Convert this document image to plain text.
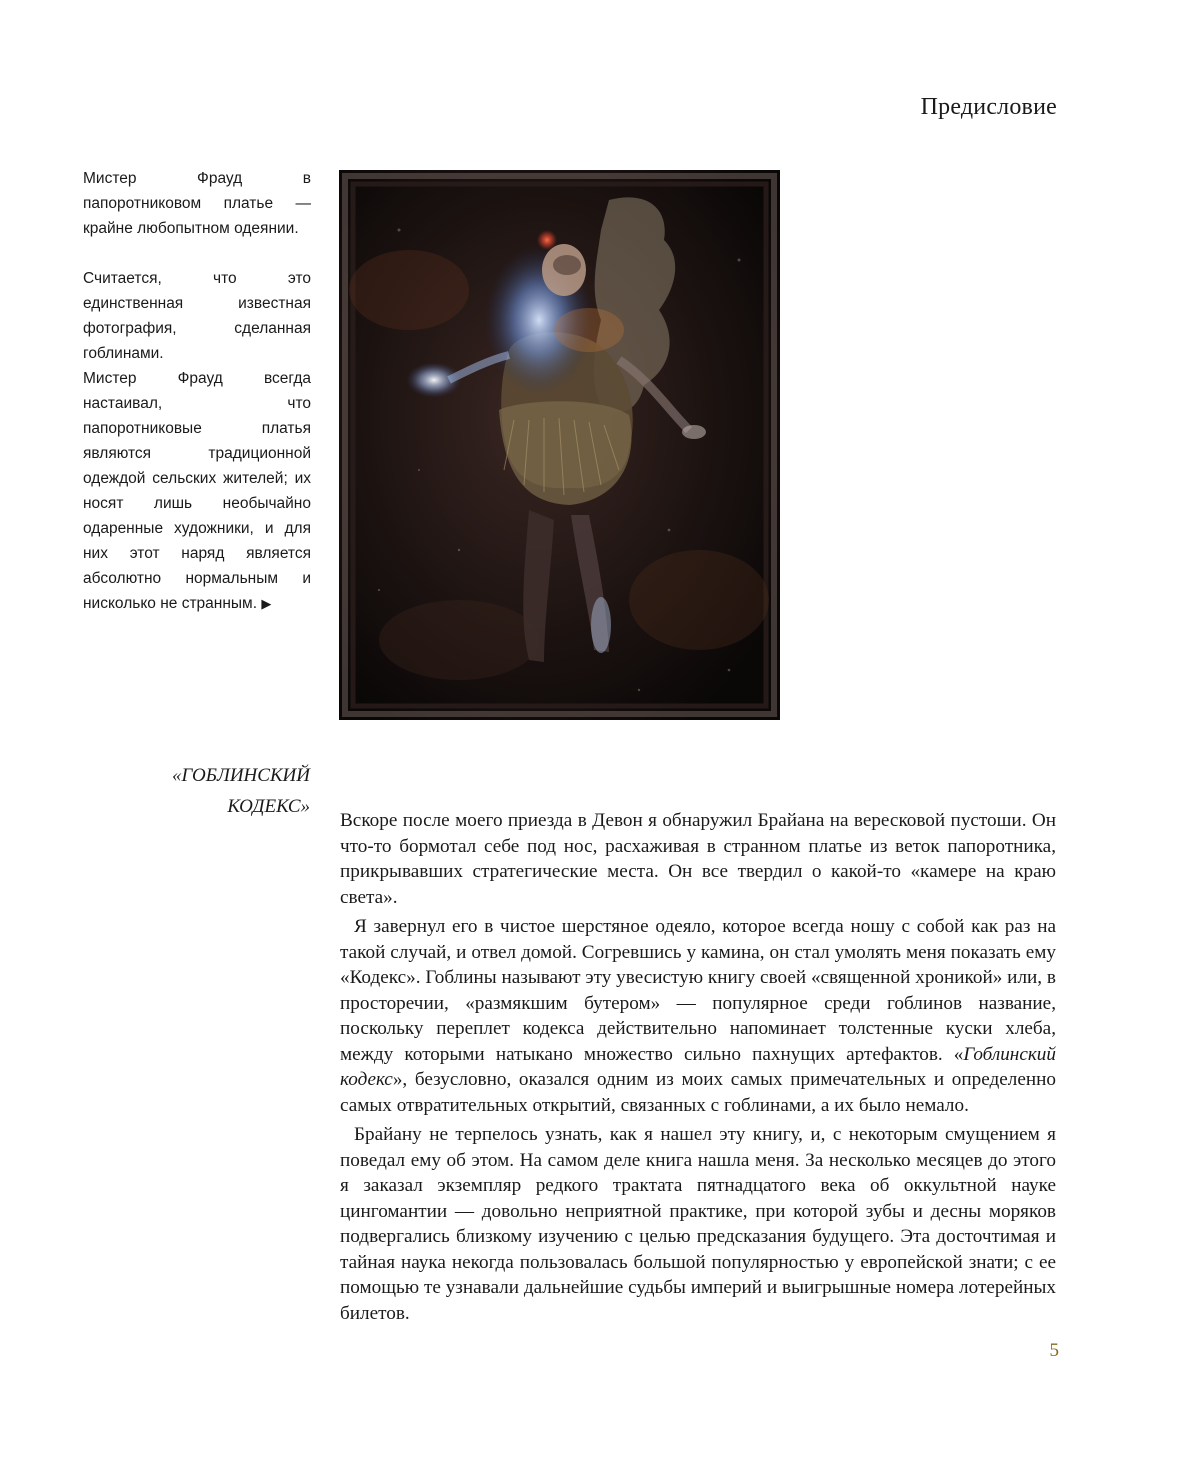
Предисловие

Мистер Фрауд в папоротниковом платье — крайне любопытном одеянии.

Считается, что это единственная известная фотография, сделанная гоблинами.

Мистер Фрауд всегда настаивал, что папоротниковые платья являются традиционной одеждой сельских жителей; их носят лишь необычайно одаренные художники, и для них этот наряд является абсолютно нормальным и нисколько не странным. ▶

«ГОБЛИНСКИЙ
КОДЕКС»

Вскоре после моего приезда в Девон я обнаружил Брайана на вересковой пустоши. Он что-то бормотал себе под нос, расхаживая в странном платье из веток папоротника, прикрывавших стратегические места. Он все твердил о какой-то «камере на краю света».

Я завернул его в чистое шерстяное одеяло, которое всегда ношу с собой как раз на такой случай, и отвел домой. Согревшись у камина, он стал умолять меня показать ему «Кодекс». Гоблины называют эту увесистую книгу своей «священной хроникой» или, в просторечии, «размякшим бутером» — популярное среди гоблинов название, поскольку переплет кодекса действительно напоминает толстенные куски хлеба, между которыми натыкано множество сильно пахнущих артефактов. «Гоблинский кодекс», безусловно, оказался одним из моих самых примечательных и определенно самых отвратительных открытий, связанных с гоблинами, а их было немало.

Брайану не терпелось узнать, как я нашел эту книгу, и, с некоторым смущением я поведал ему об этом. На самом деле книга нашла меня. За несколько месяцев до этого я заказал экземпляр редкого трактата пятнадцатого века об оккультной науке цингомантии — довольно неприятной практике, при которой зубы и десны моряков подвергались близкому изучению с целью предсказания будущего. Эта досточтимая и тайная наука некогда пользовалась большой популярностью у европейской знати; с ее помощью те узнавали дальнейшие судьбы империй и выигрышные номера лотерейных билетов.

5
